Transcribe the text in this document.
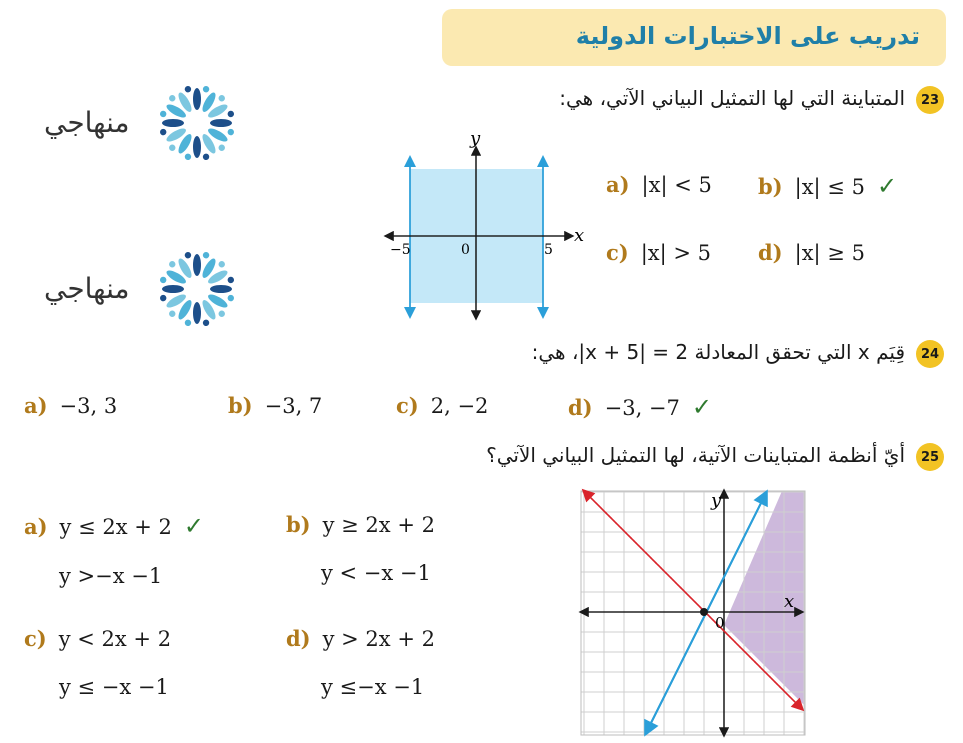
تدريب على الاختبارات الدولية
منهاجي
منهاجي
23
المتباينة التي لها التمثيل البياني الآتي، هي:
y
x
−5	0	5
a) |x| < 5 b) |x| ≤ 5 ✓
c) |x| > 5 d) |x| ≥ 5
24
قِيَم x التي تحقق المعادلة 2 = |x + 5|، هي:
a) −3, 3	b) −3, 7	c) 2, −2	d) −3, −7 ✓
25
أيّ أنظمة المتباينات الآتية، لها التمثيل البياني الآتي؟
a) y ≤ 2x + 2 ✓
y >−x −1
b) y ≥ 2x + 2
y < −x −1
c) y < 2x + 2
y ≤ −x −1
d) y > 2x + 2
y ≤−x −1
y
x
0
